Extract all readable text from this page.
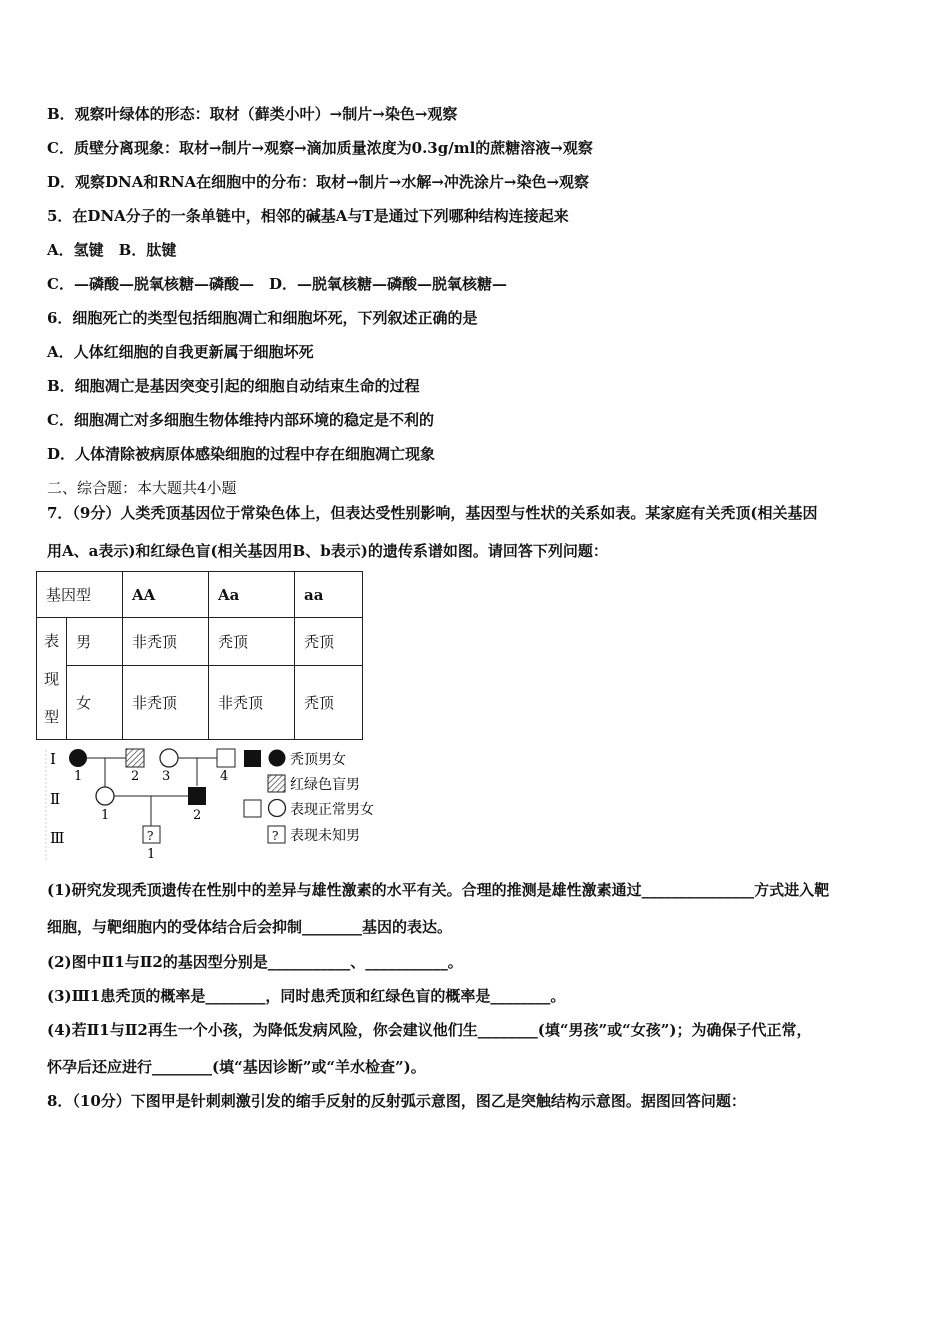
B．观察叶绿体的形态：取材（藓类小叶）→制片→染色→观察
C．质壁分离现象：取材→制片→观察→滴加质量浓度为0.3g/ml的蔗糖溶液→观察
D．观察DNA和RNA在细胞中的分布：取材→制片→水解→冲洗涂片→染色→观察
5．在DNA分子的一条单链中，相邻的碱基A与T是通过下列哪种结构连接起来
A．氢键　B．肽键
C．—磷酸—脱氧核糖—磷酸—　D．—脱氧核糖—磷酸—脱氧核糖—
6．细胞死亡的类型包括细胞凋亡和细胞坏死，下列叙述正确的是
A．人体红细胞的自我更新属于细胞坏死
B．细胞凋亡是基因突变引起的细胞自动结束生命的过程
C．细胞凋亡对多细胞生物体维持内部环境的稳定是不利的
D．人体清除被病原体感染细胞的过程中存在细胞凋亡现象
二、综合题：本大题共4小题
7．（9分）人类秃顶基因位于常染色体上，但表达受性别影响，基因型与性状的关系如表。某家庭有关秃顶(相关基因
用A、a表示)和红绿色盲(相关基因用B、b表示)的遗传系谱如图。请回答下列问题：
基因型		AA	Aa	aa

表
现
型	男	非秃顶	秃顶	秃顶
	女	非秃顶	非秃顶	秃顶
Ⅰ
Ⅱ
Ⅲ
1	2 3	4
1	2
?
1
秃顶男女
红绿色盲男
表现正常男女
? 表现未知男
(1)研究发现秃顶遗传在性别中的差异与雄性激素的水平有关。合理的推测是雄性激素通过_______________方式进入靶
细胞，与靶细胞内的受体结合后会抑制________基因的表达。
(2)图中Ⅱ1与Ⅱ2的基因型分别是___________、___________。
(3)Ⅲ1患秃顶的概率是________，同时患秃顶和红绿色盲的概率是________。
(4)若Ⅱ1与Ⅱ2再生一个小孩，为降低发病风险，你会建议他们生________(填“男孩”或“女孩”)；为确保子代正常，
怀孕后还应进行________(填“基因诊断”或“羊水检查”)。
8．（10分）下图甲是针刺刺激引发的缩手反射的反射弧示意图，图乙是突触结构示意图。据图回答问题：
